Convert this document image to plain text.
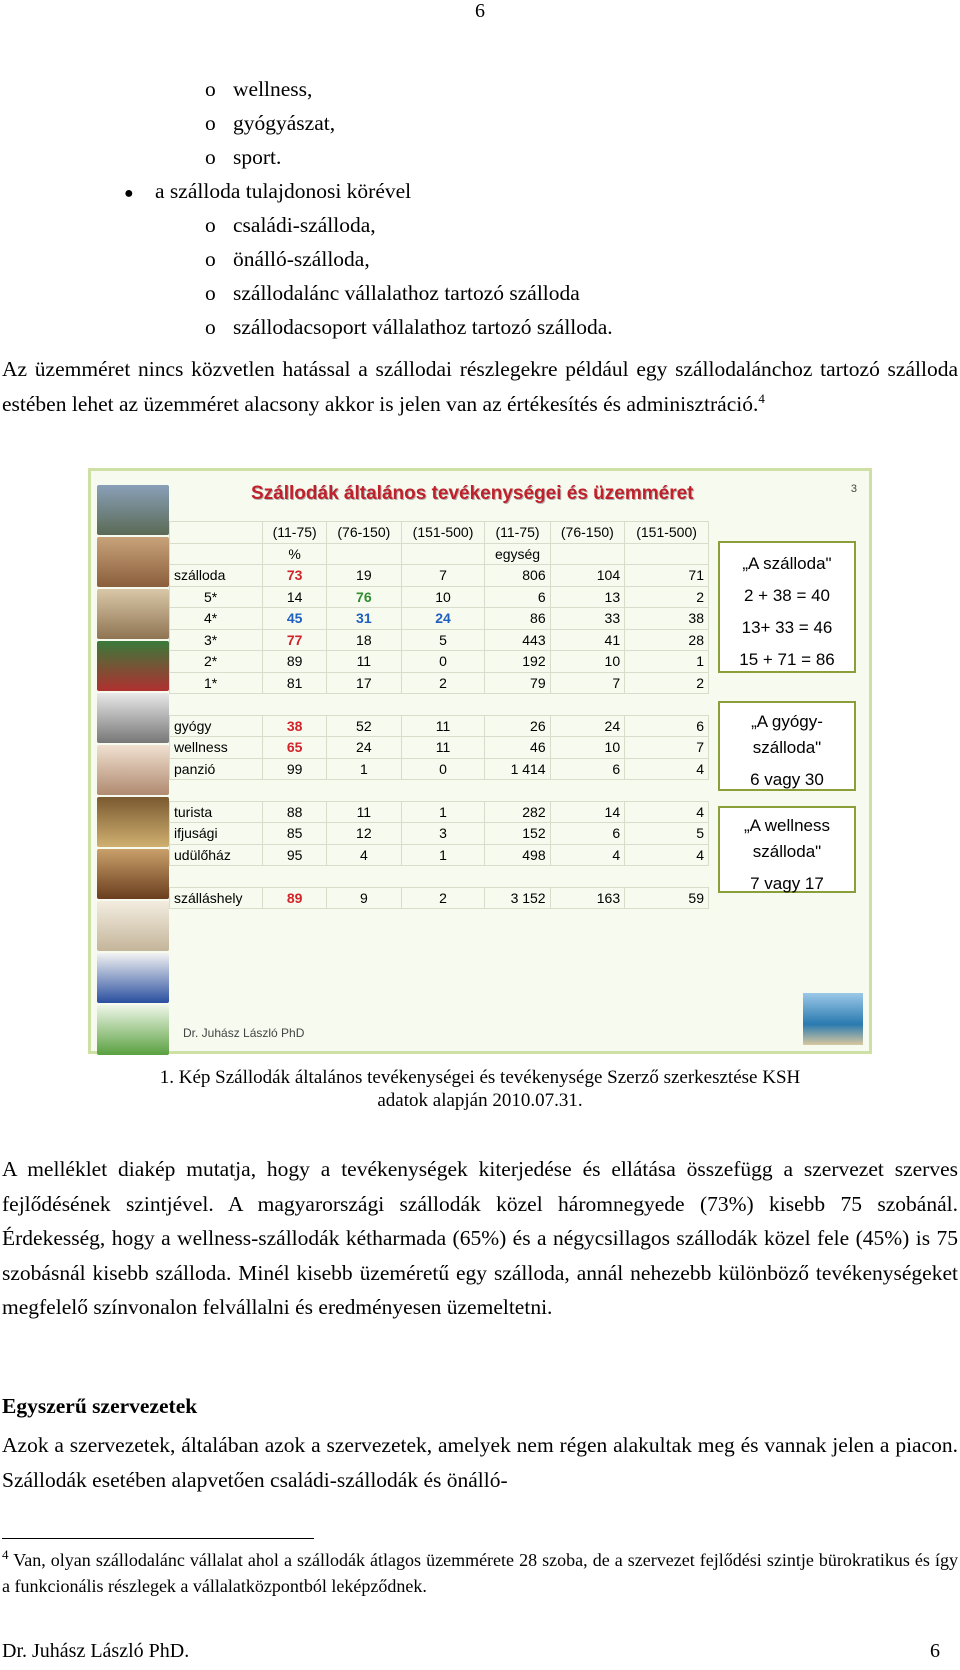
6
o wellness,
o gyógyászat,
o sport.
● a szálloda tulajdonosi körével
o családi-szálloda,
o önálló-szálloda,
o szállodalánc vállalathoz tartozó szálloda
o szállodacsoport vállalathoz tartozó szálloda.
Az üzemméret nincs közvetlen hatással a szállodai részlegekre például egy szállodalánchoz tartozó szálloda estében lehet az üzemméret alacsony akkor is jelen van az értékesítés és adminisztráció.$^4$
Szállodák általános tevékenységei és üzemméret	3
	(11-75)	(76-150)	(151-500)	(11-75)	(76-150)	(151-500)
	%			egység		
szálloda	73	19	7	806	104	71
5*	14	76	10	6	13	2
4*	45	31	24	86	33	38
3*	77	18	5	443	41	28
2*	89	11	0	192	10	1
1*	81	17	2	79	7	2

gyógy	38	52	11	26	24	6
wellness	65	24	11	46	10	7
panzió	99	1	0	1 414	6	4

turista	88	11	1	282	14	4
ifjusági	85	12	3	152	6	5
udülőház	95	4	1	498	4	4

szálláshely	89	9	2	3 152	163	59
„A szálloda"
2 + 38 = 40
13+ 33 = 46
15 + 71 = 86
„A gyógy-
szálloda"
6 vagy 30
„A wellness
szálloda"
7 vagy 17
Dr. Juhász László PhD
1. Kép Szállodák általános tevékenységei és tevékenysége Szerző szerkesztése KSH
adatok alapján 2010.07.31.
A melléklet diakép mutatja, hogy a tevékenységek kiterjedése és ellátása összefügg a szervezet szerves fejlődésének szintjével. A magyarországi szállodák közel háromnegyede (73%) kisebb 75 szobánál. Érdekesség, hogy a wellness-szállodák kétharmada (65%) és a négycsillagos szállodák közel fele (45%) is 75 szobásnál kisebb szálloda. Minél kisebb üzeméretű egy szálloda, annál nehezebb különböző tevékenységeket megfelelő színvonalon felvállalni és eredményesen üzemeltetni.
Egyszerű szervezetek
Azok a szervezetek, általában azok a szervezetek, amelyek nem régen alakultak meg és vannak jelen a piacon. Szállodák esetében alapvetően családi-szállodák és önálló-
$^4$ Van, olyan szállodalánc vállalat ahol a szállodák átlagos üzemmérete 28 szoba, de a szervezet fejlődési szintje bürokratikus és így a funkcionális részlegek a vállalatközpontból leképződnek.
Dr. Juhász László PhD.	6
